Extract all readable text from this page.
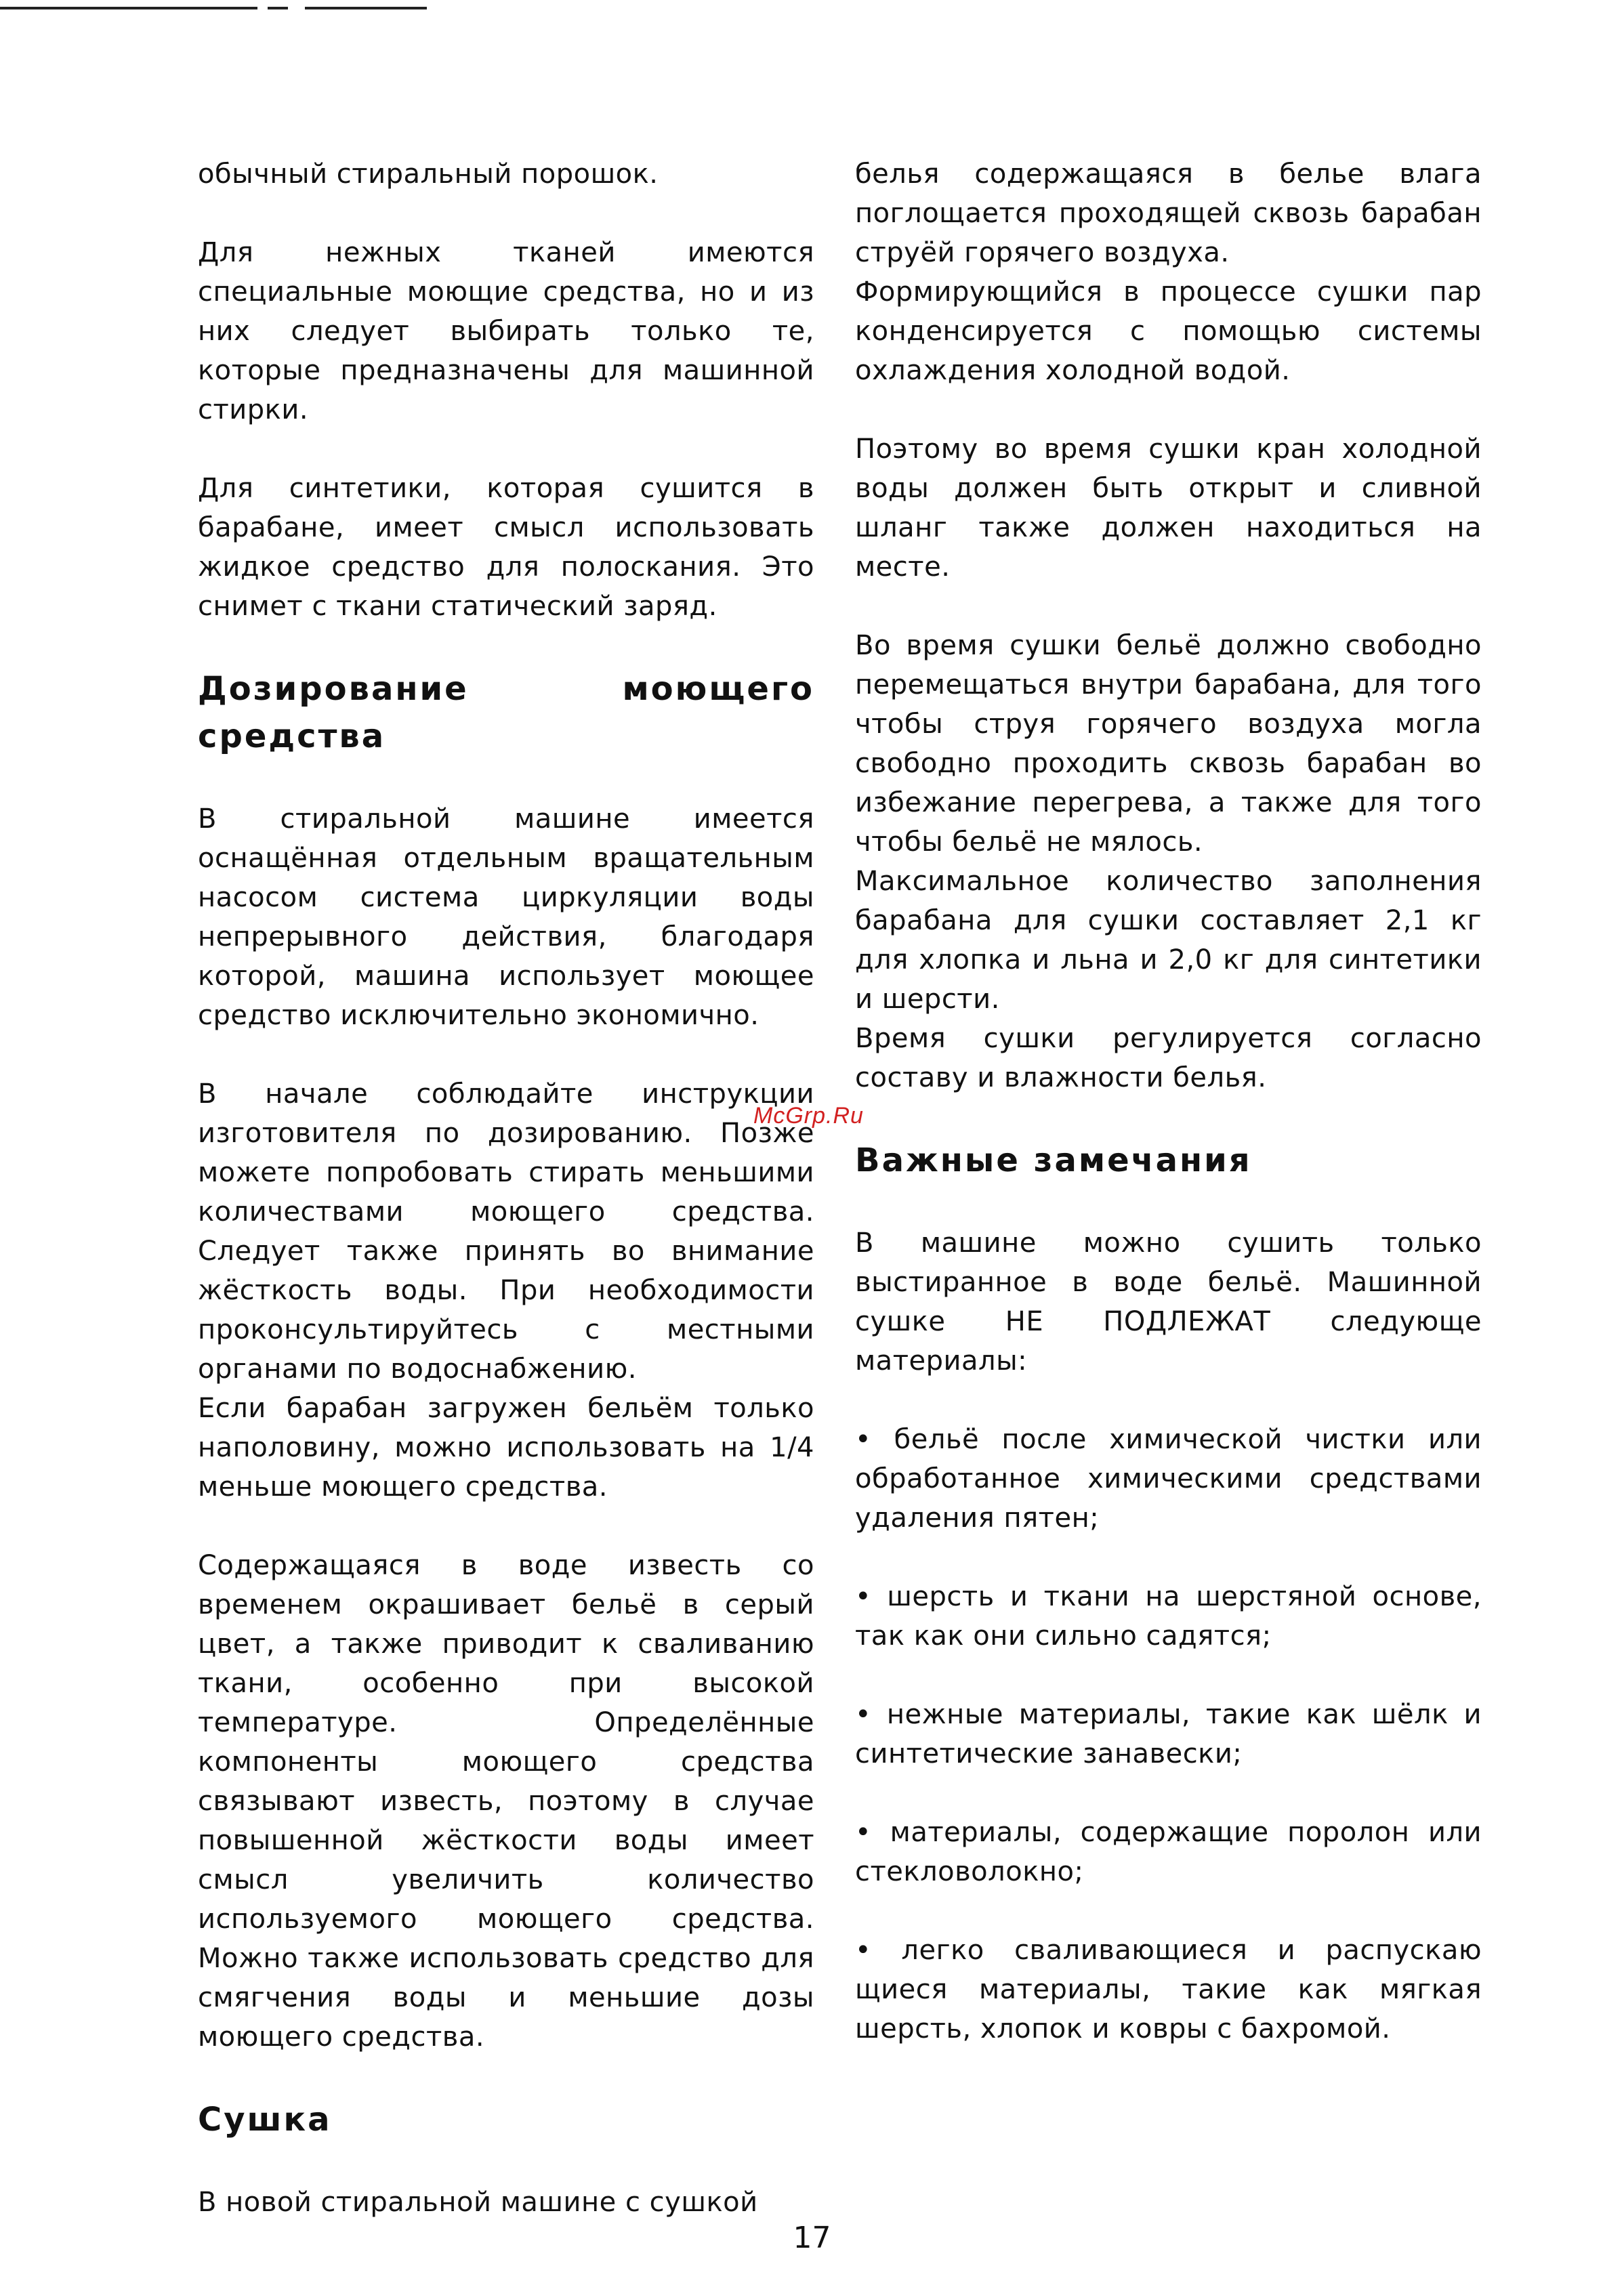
обычный стиральный порошок.

Для нежных тканей имеются специальные моющие средства, но и из них следует выбирать только те, которые предназначены для машинной стирки.

Для синтетики, которая сушится в барабане, имеет смысл использовать жидкое средство для полоскания. Это снимет с ткани статический заряд.

Дозирование моющего средства

В стиральной машине имеется оснащённая отдельным вращательным насосом система циркуляции воды непрерывного действия, благодаря которой, машина использует моющее средство исключительно экономично.

В начале соблюдайте инструкции изготовителя по дозированию. Позже можете попробовать стирать меньшими количествами моющего средства. Следует также принять во внимание жёсткость воды. При необходимости проконсультируйтесь с местными органами по водоснабжению.

Если барабан загружен бельём только наполовину, можно использовать на 1/4 меньше моющего средства.

Содержащаяся в воде известь со временем окрашивает бельё в серый цвет, а также приводит к сваливанию ткани, особенно при высокой температуре. Определённые компоненты моющего средства связывают известь, поэтому в случае повышенной жёсткости воды имеет смысл увеличить количество используемого моющего средства. Можно также использовать средство для смягчения воды и меньшие дозы моющего средства.

Сушка

В новой стиральной машине с сушкой

белья содержащаяся в белье влага поглощается проходящей сквозь барабан струёй горячего воздуха.

Формирующийся в процессе сушки пар конденсируется с помощью системы охлаждения холодной водой.

Поэтому во время сушки кран холодной воды должен быть открыт и сливной шланг также должен находиться на месте.

Во время сушки бельё должно свободно перемещаться внутри барабана, для того чтобы струя горячего воздуха могла свободно проходить сквозь барабан во избежание перегрева, а также для того чтобы бельё не мялось.

Максимальное количество заполнения барабана для сушки составляет 2,1 кг для хлопка и льна и 2,0 кг для синтетики и шерсти.

Время сушки регулируется согласно составу и влажности белья.

Важные замечания

В машине можно сушить только выстиранное в воде бельё. Машинной сушке НЕ ПОДЛЕЖАТ следующе материалы:

• бельё после химической чистки или обработанное химическими средствами удаления пятен;

• шерсть и ткани на шерстяной основе, так как они сильно садятся;

• нежные материалы, такие как шёлк и синтетические занавески;

• материалы, содержащие поролон или стекловолокно;

• легко сваливающиеся и распускаю щиеся материалы, такие как мягкая шерсть, хлопок и ковры с бахромой.

McGrp.Ru
17
